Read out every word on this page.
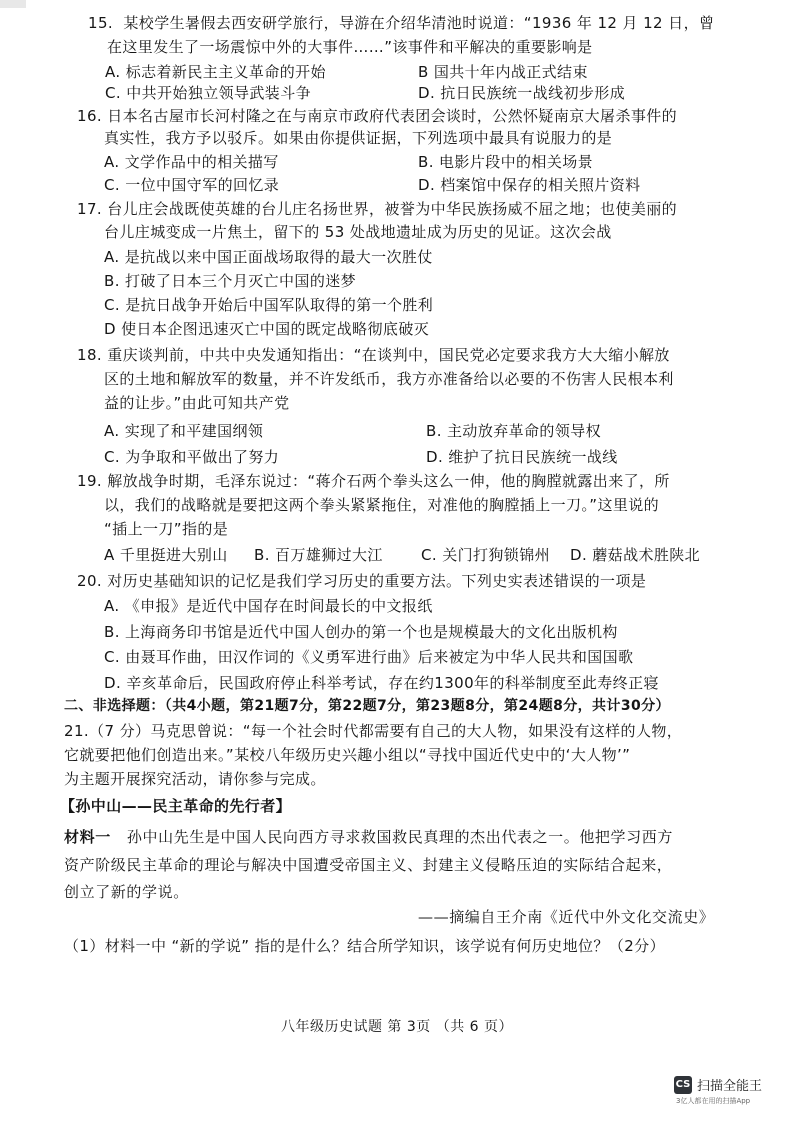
15. 某校学生暑假去西安研学旅行，导游在介绍华清池时说道：“1936 年 12 月 12 日，曾
在这里发生了一场震惊中外的大事件……”该事件和平解决的重要影响是
A. 标志着新民主主义革命的开始	B 国共十年内战正式结束
C. 中共开始独立领导武装斗争	D. 抗日民族统一战线初步形成
16. 日本名古屋市长河村隆之在与南京市政府代表团会谈时，公然怀疑南京大屠杀事件的
真实性，我方予以驳斥。如果由你提供证据，下列选项中最具有说服力的是
A. 文学作品中的相关描写	B. 电影片段中的相关场景
C. 一位中国守军的回忆录	D. 档案馆中保存的相关照片资料
17. 台儿庄会战既使英雄的台儿庄名扬世界，被誉为中华民族扬威不屈之地；也使美丽的
台儿庄城变成一片焦土，留下的 53 处战地遗址成为历史的见证。这次会战
A. 是抗战以来中国正面战场取得的最大一次胜仗
B. 打破了日本三个月灭亡中国的迷梦
C. 是抗日战争开始后中国军队取得的第一个胜利
D 使日本企图迅速灭亡中国的既定战略彻底破灭
18. 重庆谈判前，中共中央发通知指出：“在谈判中，国民党必定要求我方大大缩小解放
区的土地和解放军的数量，并不许发纸币，我方亦准备给以必要的不伤害人民根本利
益的让步。”由此可知共产党
A. 实现了和平建国纲领	B. 主动放弃革命的领导权
C. 为争取和平做出了努力	D. 维护了抗日民族统一战线
19. 解放战争时期，毛泽东说过：“蒋介石两个拳头这么一伸，他的胸膛就露出来了，所
以，我们的战略就是要把这两个拳头紧紧拖住，对准他的胸膛插上一刀。”这里说的
“插上一刀”指的是
A 千里挺进大别山 B. 百万雄狮过大江	C. 关门打狗锁锦州 D. 蘑菇战术胜陕北
20. 对历史基础知识的记忆是我们学习历史的重要方法。下列史实表述错误的一项是
A. 《申报》是近代中国存在时间最长的中文报纸
B. 上海商务印书馆是近代中国人创办的第一个也是规模最大的文化出版机构
C. 由聂耳作曲，田汉作词的《义勇军进行曲》后来被定为中华人民共和国国歌
D. 辛亥革命后，民国政府停止科举考试，存在约1300年的科举制度至此寿终正寝
二、非选择题：（共4小题，第21题7分，第22题7分，第23题8分，第24题8分，共计30分）
21.（7 分）马克思曾说：“每一个社会时代都需要有自己的大人物，如果没有这样的人物，
它就要把他们创造出来。”某校八年级历史兴趣小组以“寻找中国近代史中的‘大人物’”
为主题开展探究活动，请你参与完成。
【孙中山——民主革命的先行者】
材料一 孙中山先生是中国人民向西方寻求救国救民真理的杰出代表之一。他把学习西方
资产阶级民主革命的理论与解决中国遭受帝国主义、封建主义侵略压迫的实际结合起来，
创立了新的学说。
——摘编自王介南《近代中外文化交流史》
（1）材料一中 “新的学说” 指的是什么？结合所学知识，该学说有何历史地位？（2分）
八年级历史试题 第 3页 （共 6 页）
CS 扫描全能王
3亿人都在用的扫描App
